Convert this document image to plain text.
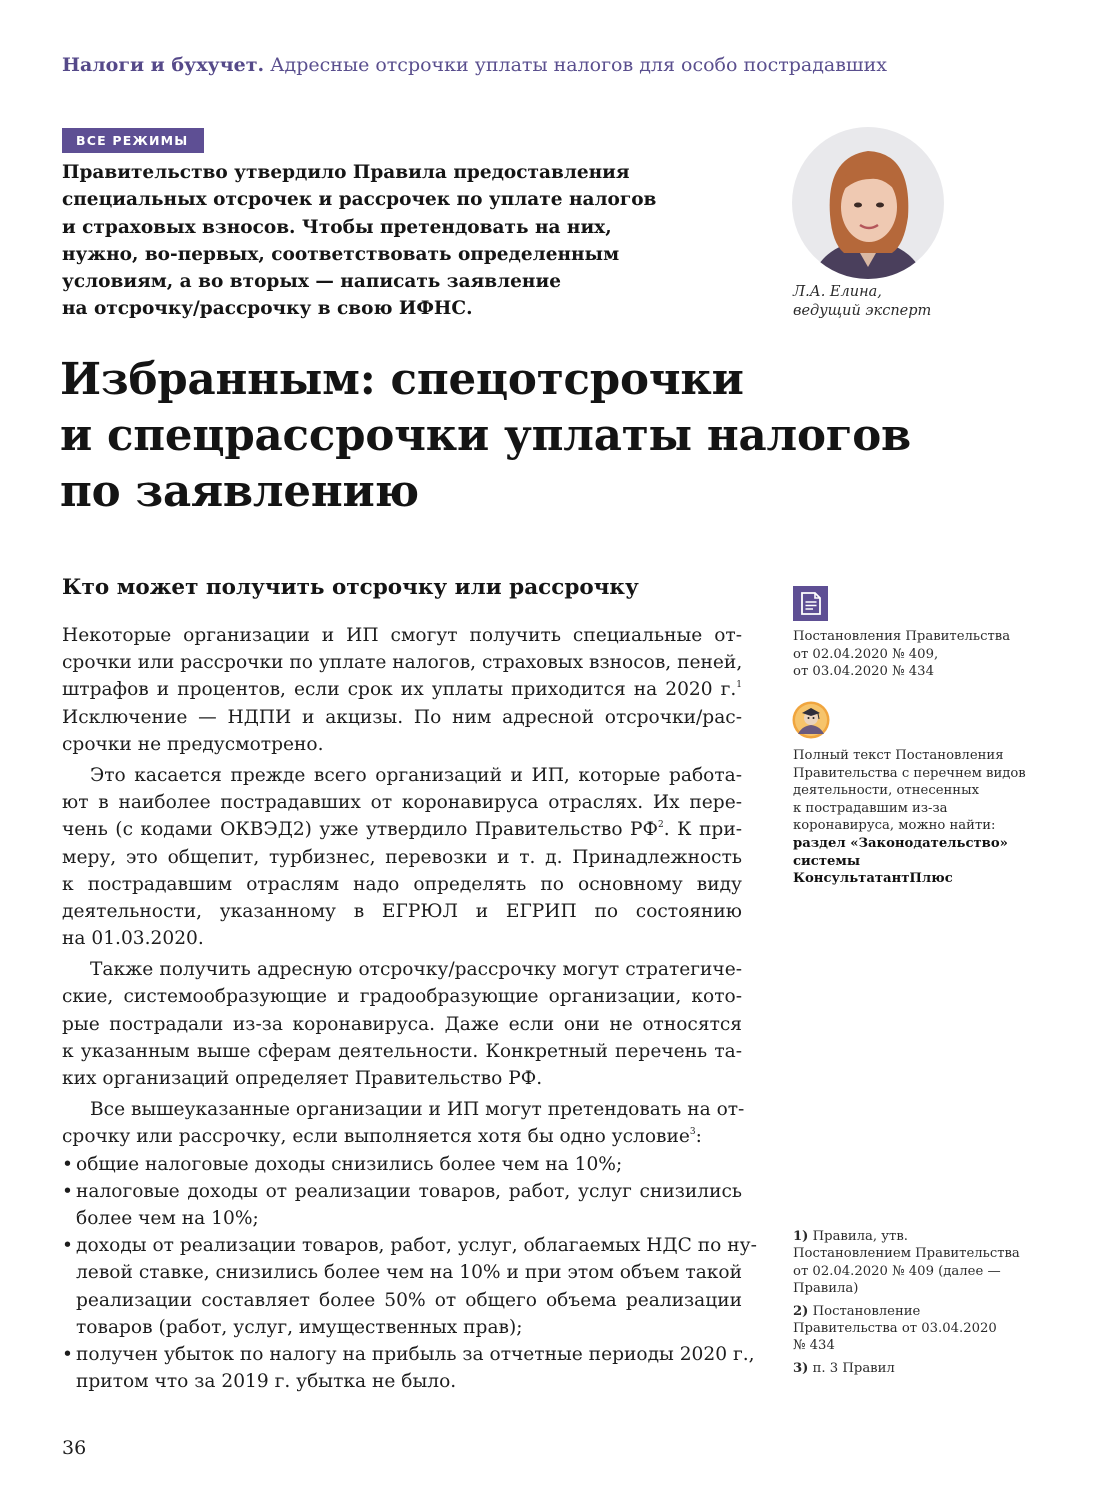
Налоги и бухучет. Адресные отсрочки уплаты налогов для особо пострадавших
ВСЕ РЕЖИМЫ
Правительство утвердило Правила предоставления
специальных отсрочек и рассрочек по уплате налогов
и страховых взносов. Чтобы претендовать на них,
нужно, во-первых, соответствовать определенным
условиям, а во вторых — написать заявление
на отсрочку/рассрочку в свою ИФНС.
Л.А. Елина,
ведущий эксперт
Избранным: спецотсрочки
и спецрассрочки уплаты налогов
по заявлению
Кто может получить отсрочку или рассрочку
Некоторые организации и ИП смогут получить специальные от-
срочки или рассрочки по уплате налогов, страховых взносов, пеней,
штрафов и процентов, если срок их уплаты приходится на 2020 г.$^1$
Исключение — НДПИ и акцизы. По ним адресной отсрочки/рас-
срочки не предусмотрено.
Это касается прежде всего организаций и ИП, которые работа-
ют в наиболее пострадавших от коронавируса отраслях. Их пере-
чень (с кодами ОКВЭД2) уже утвердило Правительство $РФ^2$. К при-
меру, это общепит, турбизнес, перевозки и т. д. Принадлежность
к пострадавшим отраслям надо определять по основному виду
деятельности, указанному в ЕГРЮЛ и ЕГРИП по состоянию
на 01.03.2020.
Также получить адресную отсрочку/рассрочку могут стратегиче-
ские, системообразующие и градообразующие организации, кото-
рые пострадали из-за коронавируса. Даже если они не относятся
к указанным выше сферам деятельности. Конкретный перечень та-
ких организаций определяет Правительство РФ.
Все вышеуказанные организации и ИП могут претендовать на от-
срочку или рассрочку, если выполняется хотя бы одно условие$^3$:
• общие налоговые доходы снизились более чем на 10%;
• налоговые доходы от реализации товаров, работ, услуг снизились
более чем на 10%;
• доходы от реализации товаров, работ, услуг, облагаемых НДС по ну-
левой ставке, снизились более чем на 10% и при этом объем такой
реализации составляет более 50% от общего объема реализации
товаров (работ, услуг, имущественных прав);
• получен убыток по налогу на прибыль за отчетные периоды 2020 г.,
притом что за 2019 г. убытка не было.
Постановления Правительства
от 02.04.2020 № 409,
от 03.04.2020 № 434
Полный текст Постановления
Правительства с перечнем видов
деятельности, отнесенных
к пострадавшим из-за
коронавируса, можно найти:
раздел «Законодательство»
системы
КонсультатантПлюс
1) Правила, утв.
Постановлением Правительства
от 02.04.2020 № 409 (далее —
Правила)
2) Постановление
Правительства от 03.04.2020
№ 434
3) п. 3 Правил
36
